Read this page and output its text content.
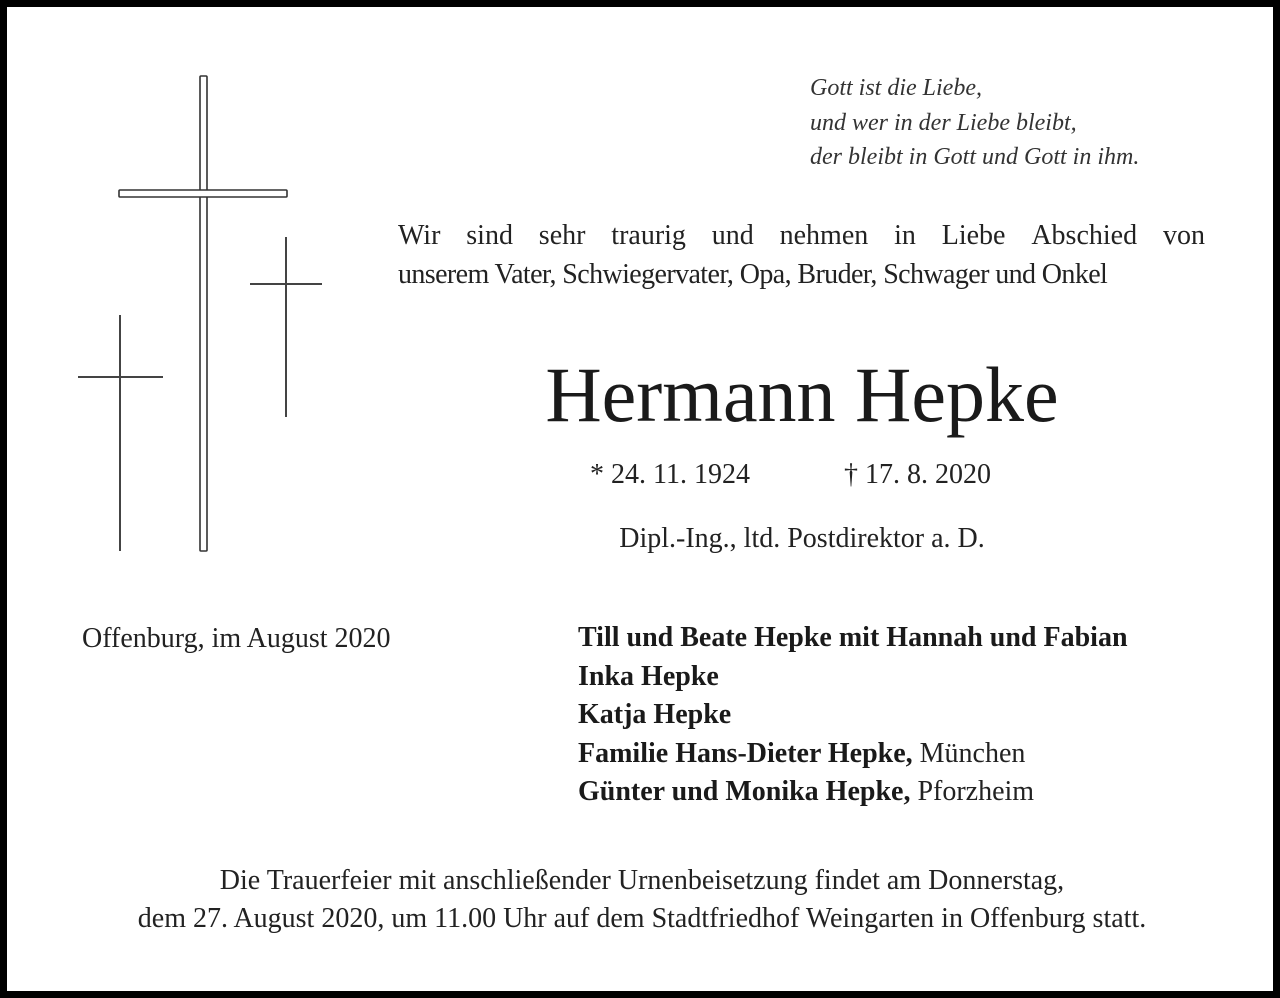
Gott ist die Liebe,
und wer in der Liebe bleibt,
der bleibt in Gott und Gott in ihm.
Wir sind sehr traurig und nehmen in Liebe Abschied von
unserem Vater, Schwiegervater, Opa, Bruder, Schwager und Onkel
Hermann Hepke
* 24. 11. 1924	† 17. 8. 2020
Dipl.-Ing., ltd. Postdirektor a. D.
Offenburg, im August 2020	Till und Beate Hepke mit Hannah und Fabian
Inka Hepke
Katja Hepke
Familie Hans-Dieter Hepke, München
Günter und Monika Hepke, Pforzheim
Die Trauerfeier mit anschließender Urnenbeisetzung findet am Donnerstag,
dem 27. August 2020, um 11.00 Uhr auf dem Stadtfriedhof Weingarten in Offenburg statt.
